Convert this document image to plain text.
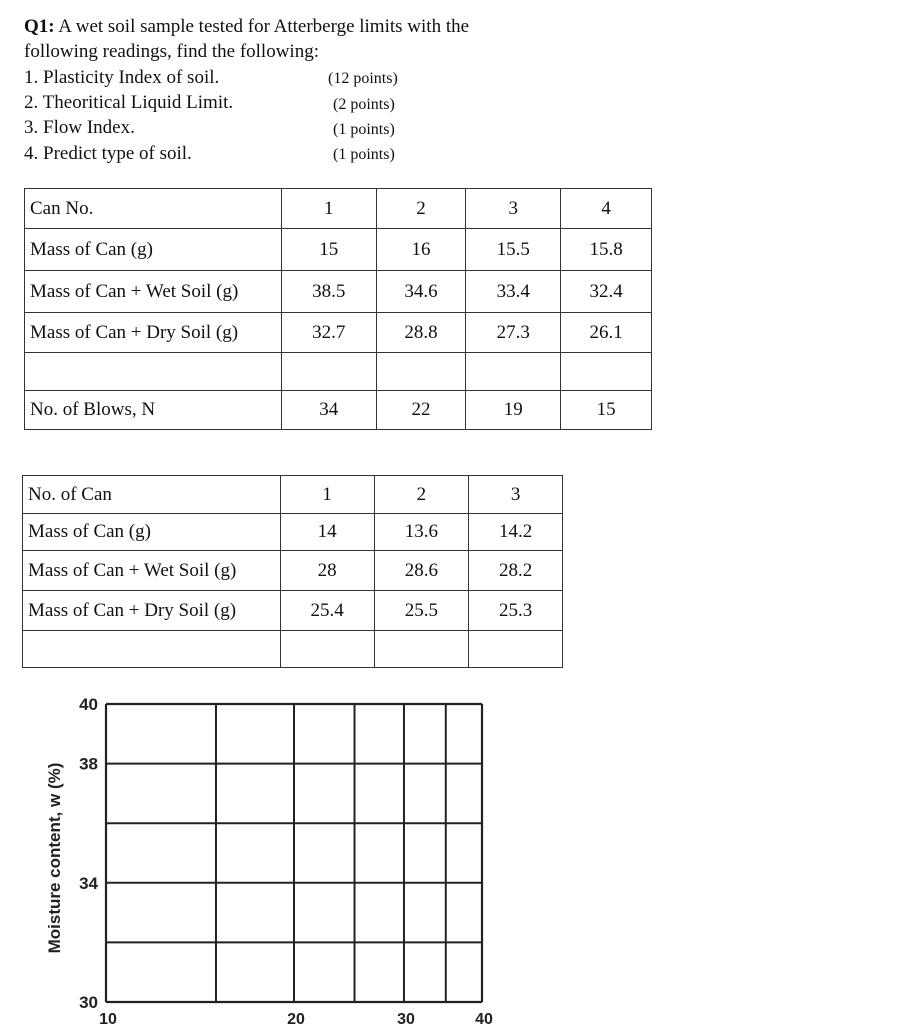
Q1: A wet soil sample tested for Atterberge limits with the
following readings, find the following:
1. Plasticity Index of soil.	(12 points)
2. Theoritical Liquid Limit.	(2 points)
3. Flow Index.	(1 points)
4. Predict type of soil.	(1 points)
Can No.	1	2	3	4
Mass of Can (g)	15	16	15.5	15.8
Mass of Can + Wet Soil (g)	38.5	34.6	33.4	32.4
Mass of Can + Dry Soil (g)	32.7	28.8	27.3	26.1

No. of Blows, N	34	22	19	15
No. of Can	1	2	3
Mass of Can (g)	14	13.6	14.2
Mass of Can + Wet Soil (g)	28	28.6	28.2
Mass of Can + Dry Soil (g)	25.4	25.5	25.3

10	20	30	40
40
38
34
30
Moisture content, w (%)
